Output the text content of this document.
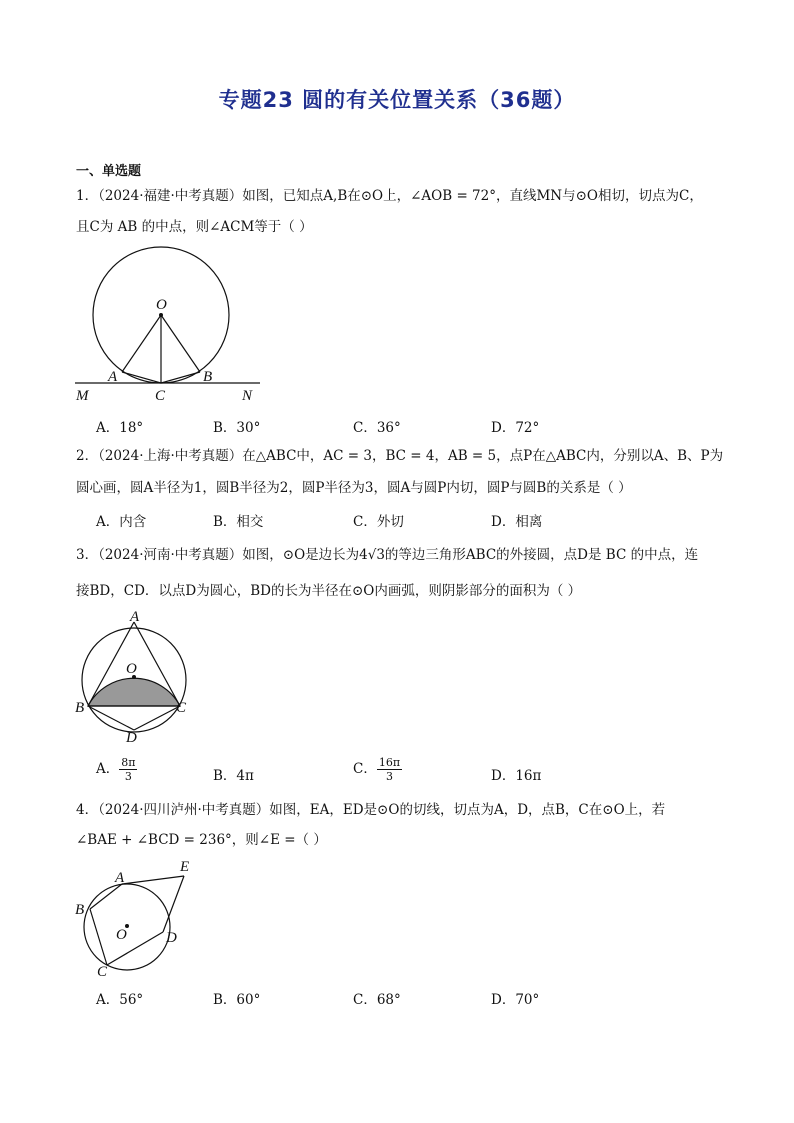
专题23 圆的有关位置关系（36题）
一、单选题
1．（2024·福建·中考真题）如图，已知点A,B在⊙O上，∠AOB = 72°，直线MN与⊙O相切，切点为C，
且C为 AB 的中点，则∠ACM等于（ ）
O
A	B
C
M	N
A．18°	B．30°	C．36°	D．72°
2．（2024·上海·中考真题）在△ABC中，AC = 3，BC = 4，AB = 5，点P在△ABC内，分别以A、B、P为
圆心画，圆A半径为1，圆B半径为2，圆P半径为3，圆A与圆P内切，圆P与圆B的关系是（ ）
A．内含	B．相交	C．外切	D．相离
3．（2024·河南·中考真题）如图，⊙O是边长为4√3的等边三角形ABC的外接圆，点D是 BC 的中点，连
接BD，CD．以点D为圆心，BD的长为半径在⊙O内画弧，则阴影部分的面积为（ ）
A
O
B	C
D
A． $\frac{8\pi}{3}$	B．4π	C． $\frac{16\pi}{3}$	D．16π
4．（2024·四川泸州·中考真题）如图，EA，ED是⊙O的切线，切点为A，D，点B，C在⊙O上，若
∠BAE + ∠BCD = 236°，则∠E =（ ）
E
A
B
O	D
C
A．56°	B．60°	C．68°	D．70°
